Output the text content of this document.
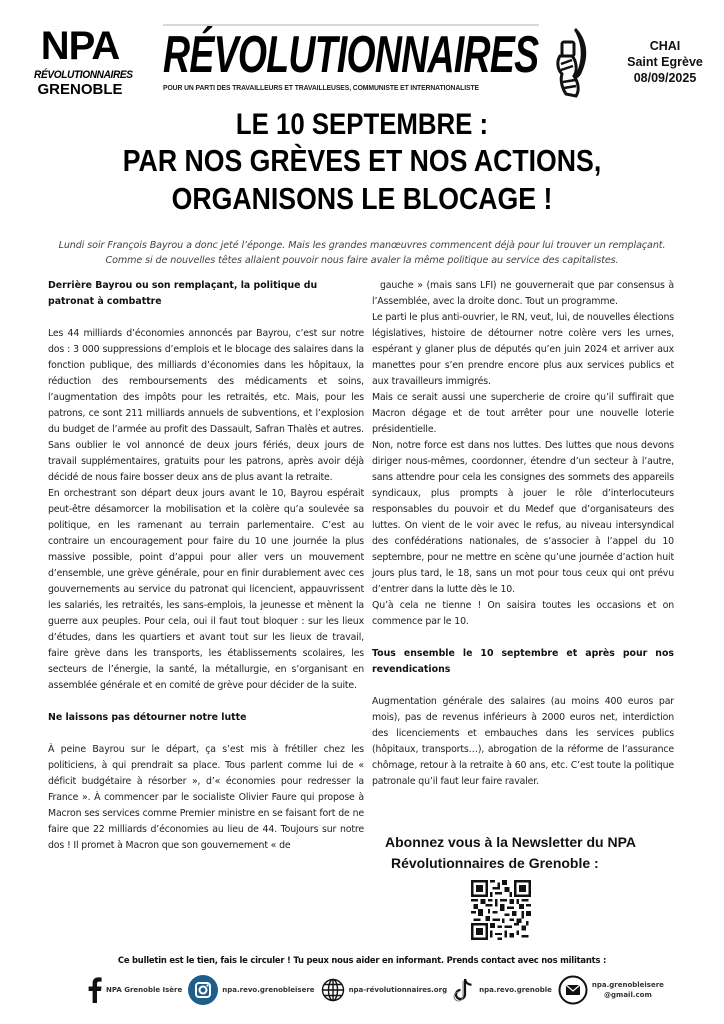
NPA
RÉVOLUTIONNAIRES
GRENOBLE
RÉVOLUTIONNAIRES
POUR UN PARTI DES TRAVAILLEURS ET TRAVAILLEUSES, COMMUNISTE ET INTERNATIONALISTE
CHAI
Saint Egrève
08/09/2025
LE 10 SEPTEMBRE :
PAR NOS GRÈVES ET NOS ACTIONS,
ORGANISONS LE BLOCAGE !
Lundi soir François Bayrou a donc jeté l’éponge. Mais les grandes manœuvres commencent déjà pour lui trouver un remplaçant.
Comme si de nouvelles têtes allaient pouvoir nous faire avaler la même politique au service des capitalistes.
Derrière Bayrou ou son remplaçant, la politique du patronat à combattre

Les 44 milliards d’économies annoncés par Bayrou, c’est sur notre dos : 3 000 suppressions d’emplois et le blocage des salaires dans la fonction publique, des milliards d’économies dans les hôpitaux, la réduction des remboursements des médicaments et soins, l’augmentation des impôts pour les retraités, etc. Mais, pour les patrons, ce sont 211 milliards annuels de subventions, et l’explosion du budget de l’armée au profit des Dassault, Safran Thalès et autres. Sans oublier le vol annoncé de deux jours fériés, deux jours de travail supplémentaires, gratuits pour les patrons, après avoir déjà décidé de nous faire bosser deux ans de plus avant la retraite.

En orchestrant son départ deux jours avant le 10, Bayrou espérait peut-être désamorcer la mobilisation et la colère qu’a soulevée sa politique, en les ramenant au terrain parlementaire. C’est au contraire un encouragement pour faire du 10 une journée la plus massive possible, point d’appui pour aller vers un mouvement d’ensemble, une grève générale, pour en finir durablement avec ces gouvernements au service du patronat qui licencient, appauvrissent les salariés, les retraités, les sans-emplois, la jeunesse et mènent la guerre aux peuples. Pour cela, oui il faut tout bloquer : sur les lieux d’études, dans les quartiers et avant tout sur les lieux de travail, faire grève dans les transports, les établissements scolaires, les secteurs de l’énergie, la santé, la métallurgie, en s’organisant en assemblée générale et en comité de grève pour décider de la suite.

Ne laissons pas détourner notre lutte

À peine Bayrou sur le départ, ça s’est mis à frétiller chez les politiciens, à qui prendrait sa place. Tous parlent comme lui de « déficit budgétaire à résorber », d’« économies pour redresser la France ». À commencer par le socialiste Olivier Faure qui propose à Macron ses services comme Premier ministre en se faisant fort de ne faire que 22 milliards d’économies au lieu de 44. Toujours sur notre dos ! Il promet à Macron que son gouvernement « de

gauche » (mais sans LFI) ne gouvernerait que par consensus à l’Assemblée, avec la droite donc. Tout un programme.

Le parti le plus anti-ouvrier, le RN, veut, lui, de nouvelles élections législatives, histoire de détourner notre colère vers les urnes, espérant y glaner plus de députés qu’en juin 2024 et arriver aux manettes pour s’en prendre encore plus aux services publics et aux travailleurs immigrés.

Mais ce serait aussi une supercherie de croire qu’il suffirait que Macron dégage et de tout arrêter pour une nouvelle loterie présidentielle.

Non, notre force est dans nos luttes. Des luttes que nous devons diriger nous-mêmes, coordonner, étendre d’un secteur à l’autre, sans attendre pour cela les consignes des sommets des appareils syndicaux, plus prompts à jouer le rôle d’interlocuteurs responsables du pouvoir et du Medef que d’organisateurs des luttes. On vient de le voir avec le refus, au niveau intersyndical des confédérations nationales, de s’associer à l’appel du 10 septembre, pour ne mettre en scène qu’une journée d’action huit jours plus tard, le 18, sans un mot pour tous ceux qui ont prévu d’entrer dans la lutte dès le 10.

Qu’à cela ne tienne ! On saisira toutes les occasions et on commence par le 10.

Tous ensemble le 10 septembre et après pour nos revendications

Augmentation générale des salaires (au moins 400 euros par mois), pas de revenus inférieurs à 2000 euros net, interdiction des licenciements et embauches dans les services publics (hôpitaux, transports…), abrogation de la réforme de l’assurance chômage, retour à la retraite à 60 ans, etc. C’est toute la politique patronale qu’il faut leur faire ravaler.

Abonnez vous à la Newsletter du NPA
Révolutionnaires de Grenoble :
Ce bulletin est le tien, fais le circuler ! Tu peux nous aider en informant. Prends contact avec nos militants :
NPA Grenoble Isère	npa.revo.grenobleisere	npa-révolutionnaires.org	npa.revo.grenoble
npa.grenobleisere
@gmail.com
